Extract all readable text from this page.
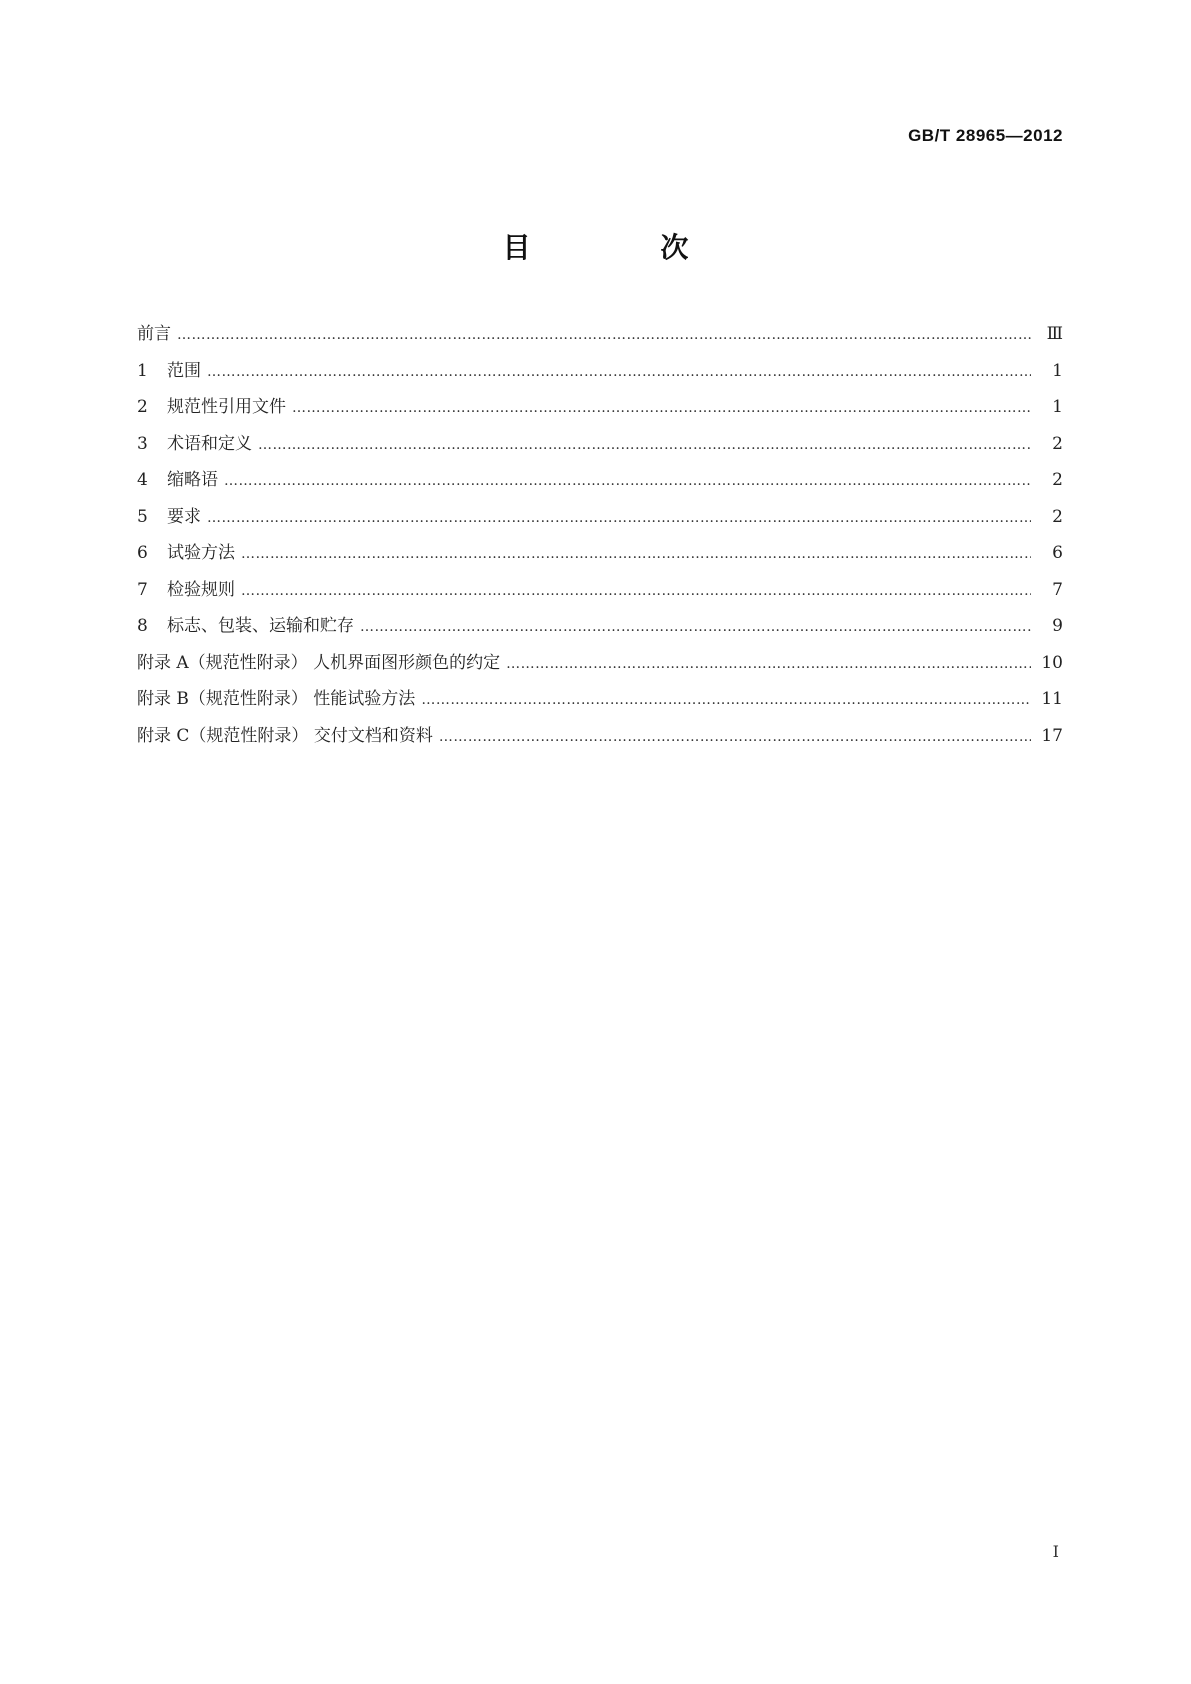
GB/T 28965—2012
目 次
前言 ……………………………………………………………………………………………………………………………………………………………………………………………………………………	Ⅲ
1 范围 ……………………………………………………………………………………………………………………………………………………………………………………………………………………	1
2 规范性引用文件 ……………………………………………………………………………………………………………………………………………………………………………………………………………………	1
3 术语和定义 ……………………………………………………………………………………………………………………………………………………………………………………………………………………	2
4 缩略语 ……………………………………………………………………………………………………………………………………………………………………………………………………………………	2
5 要求 ……………………………………………………………………………………………………………………………………………………………………………………………………………………	2
6 试验方法 ……………………………………………………………………………………………………………………………………………………………………………………………………………………	6
7 检验规则 ……………………………………………………………………………………………………………………………………………………………………………………………………………………	7
8 标志、包装、运输和贮存 ……………………………………………………………………………………………………………………………………………………………………………………………………………………	9
附录 A（规范性附录） 人机界面图形颜色的约定 ……………………………………………………………………………………………………………………………………………………………………………………………………………………	10
附录 B（规范性附录） 性能试验方法 ……………………………………………………………………………………………………………………………………………………………………………………………………………………	11
附录 C（规范性附录） 交付文档和资料 ……………………………………………………………………………………………………………………………………………………………………………………………………………………	17
I
